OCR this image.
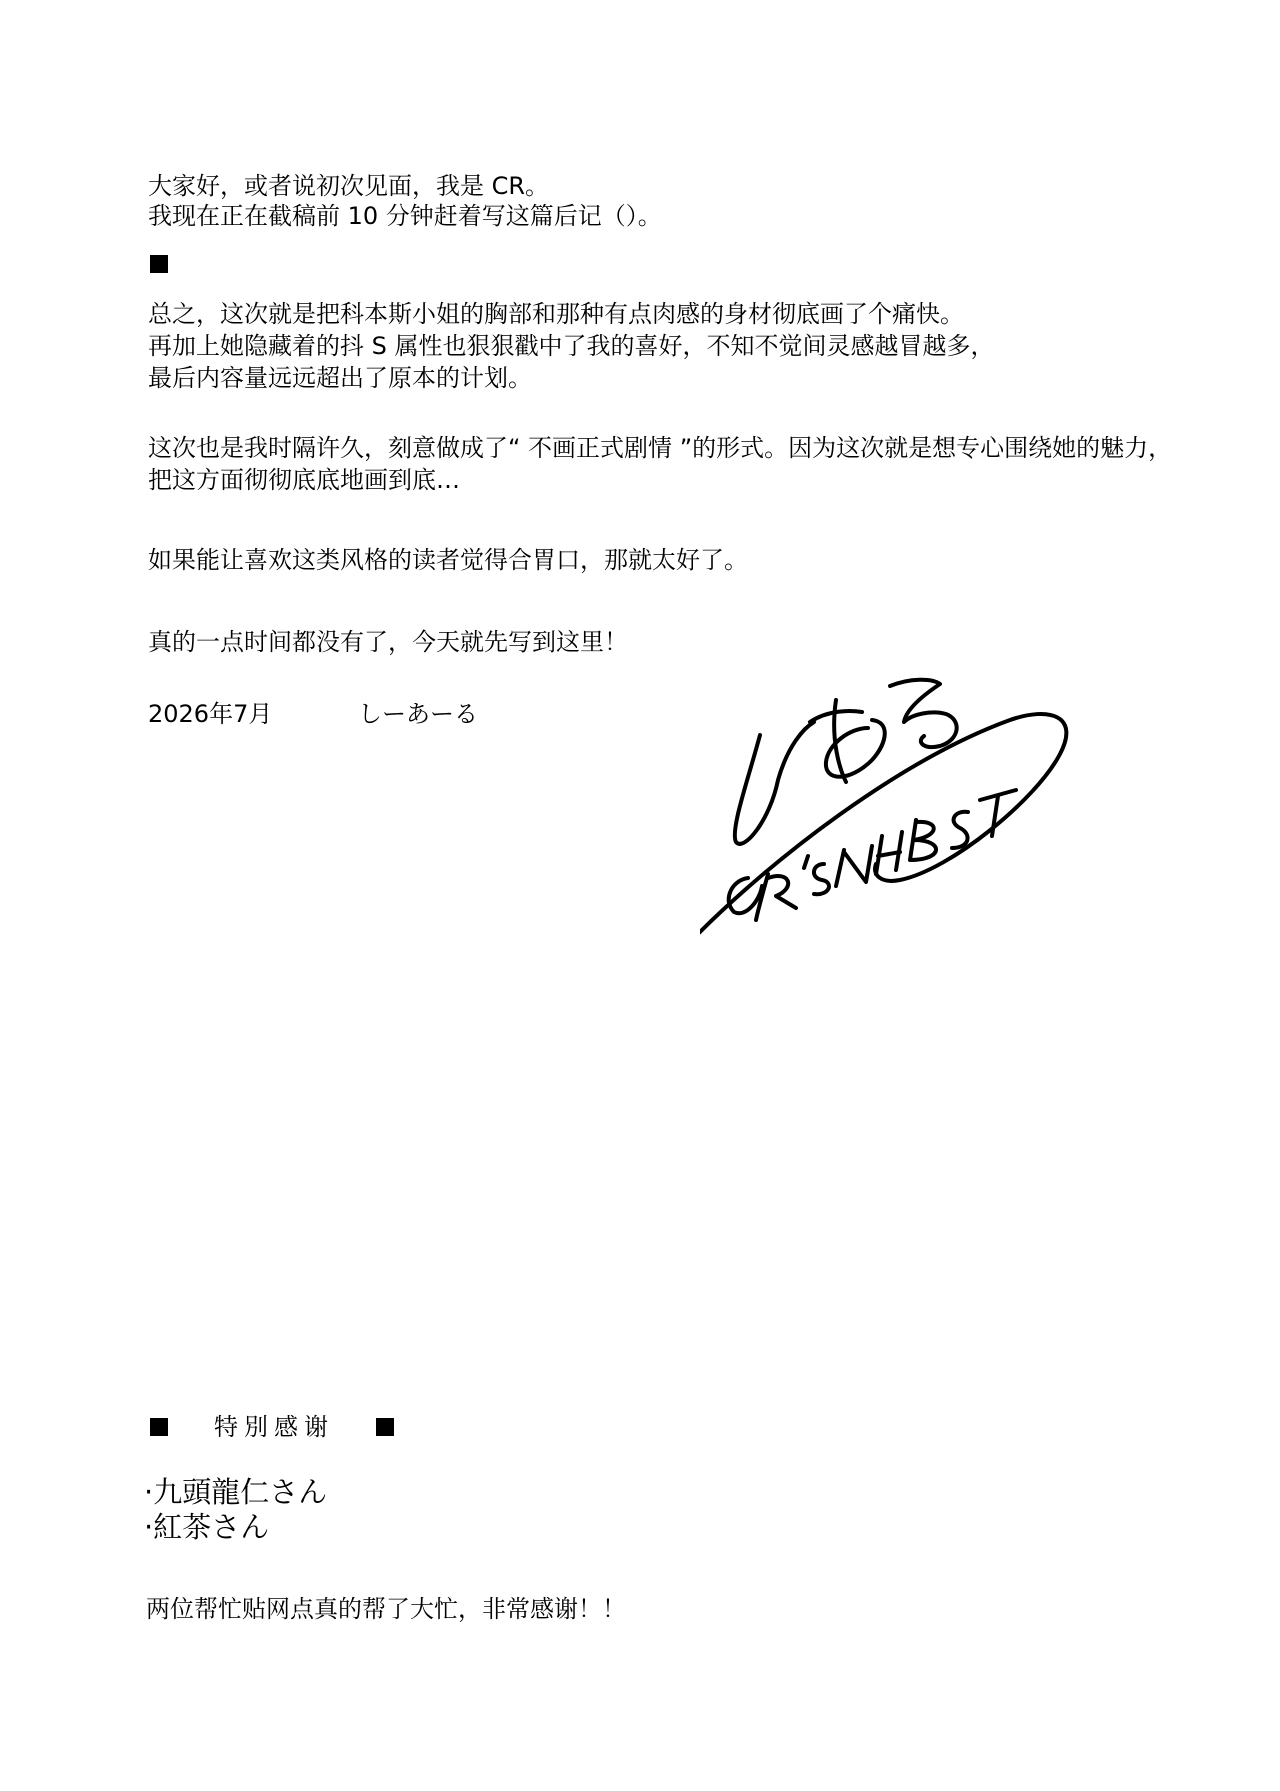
大家好，或者说初次见面，我是 CR。

我现在正在截稿前 10 分钟赶着写这篇后记（）。

总之，这次就是把科本斯小姐的胸部和那种有点肉感的身材彻底画了个痛快。

再加上她隐藏着的抖 S 属性也狠狠戳中了我的喜好，不知不觉间灵感越冒越多，

最后内容量远远超出了原本的计划。

这次也是我时隔许久，刻意做成了“ 不画正式剧情 ”的形式。因为这次就是想专心围绕她的魅力，

把这方面彻彻底底地画到底…

如果能让喜欢这类风格的读者觉得合胃口，那就太好了。

真的一点时间都没有了，今天就先写到这里！

2026年7月	しーあーる

特別感谢
·九頭龍仁さん
·紅茶さん

两位帮忙贴网点真的帮了大忙，非常感谢！！
